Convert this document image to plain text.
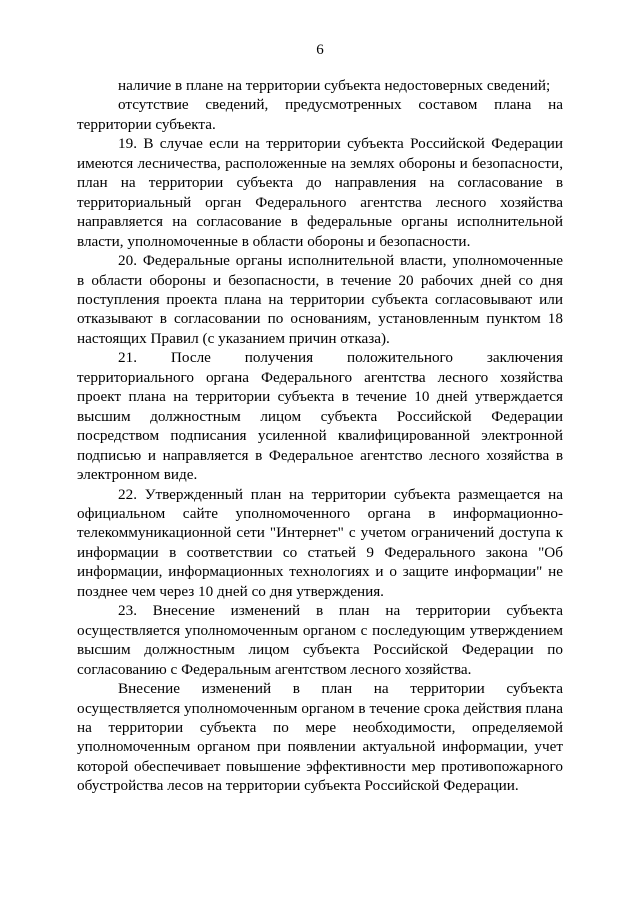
6

наличие в плане на территории субъекта недостоверных сведений;

отсутствие сведений, предусмотренных составом плана на территории субъекта.

19. В случае если на территории субъекта Российской Федерации имеются лесничества, расположенные на землях обороны и безопасности, план на территории субъекта до направления на согласование в территориальный орган Федерального агентства лесного хозяйства направляется на согласование в федеральные органы исполнительной власти, уполномоченные в области обороны и безопасности.

20. Федеральные органы исполнительной власти, уполномоченные в области обороны и безопасности, в течение 20 рабочих дней со дня поступления проекта плана на территории субъекта согласовывают или отказывают в согласовании по основаниям, установленным пунктом 18 настоящих Правил (с указанием причин отказа).

21. После получения положительного заключения территориального органа Федерального агентства лесного хозяйства проект плана на территории субъекта в течение 10 дней утверждается высшим должностным лицом субъекта Российской Федерации посредством подписания усиленной квалифицированной электронной подписью и направляется в Федеральное агентство лесного хозяйства в электронном виде.

22. Утвержденный план на территории субъекта размещается на официальном сайте уполномоченного органа в информационно-телекоммуникационной сети "Интернет" с учетом ограничений доступа к информации в соответствии со статьей 9 Федерального закона "Об информации, информационных технологиях и о защите информации" не позднее чем через 10 дней со дня утверждения.

23. Внесение изменений в план на территории субъекта осуществляется уполномоченным органом с последующим утверждением высшим должностным лицом субъекта Российской Федерации по согласованию с Федеральным агентством лесного хозяйства.

Внесение изменений в план на территории субъекта осуществляется уполномоченным органом в течение срока действия плана на территории субъекта по мере необходимости, определяемой уполномоченным органом при появлении актуальной информации, учет которой обеспечивает повышение эффективности мер противопожарного обустройства лесов на территории субъекта Российской Федерации.
